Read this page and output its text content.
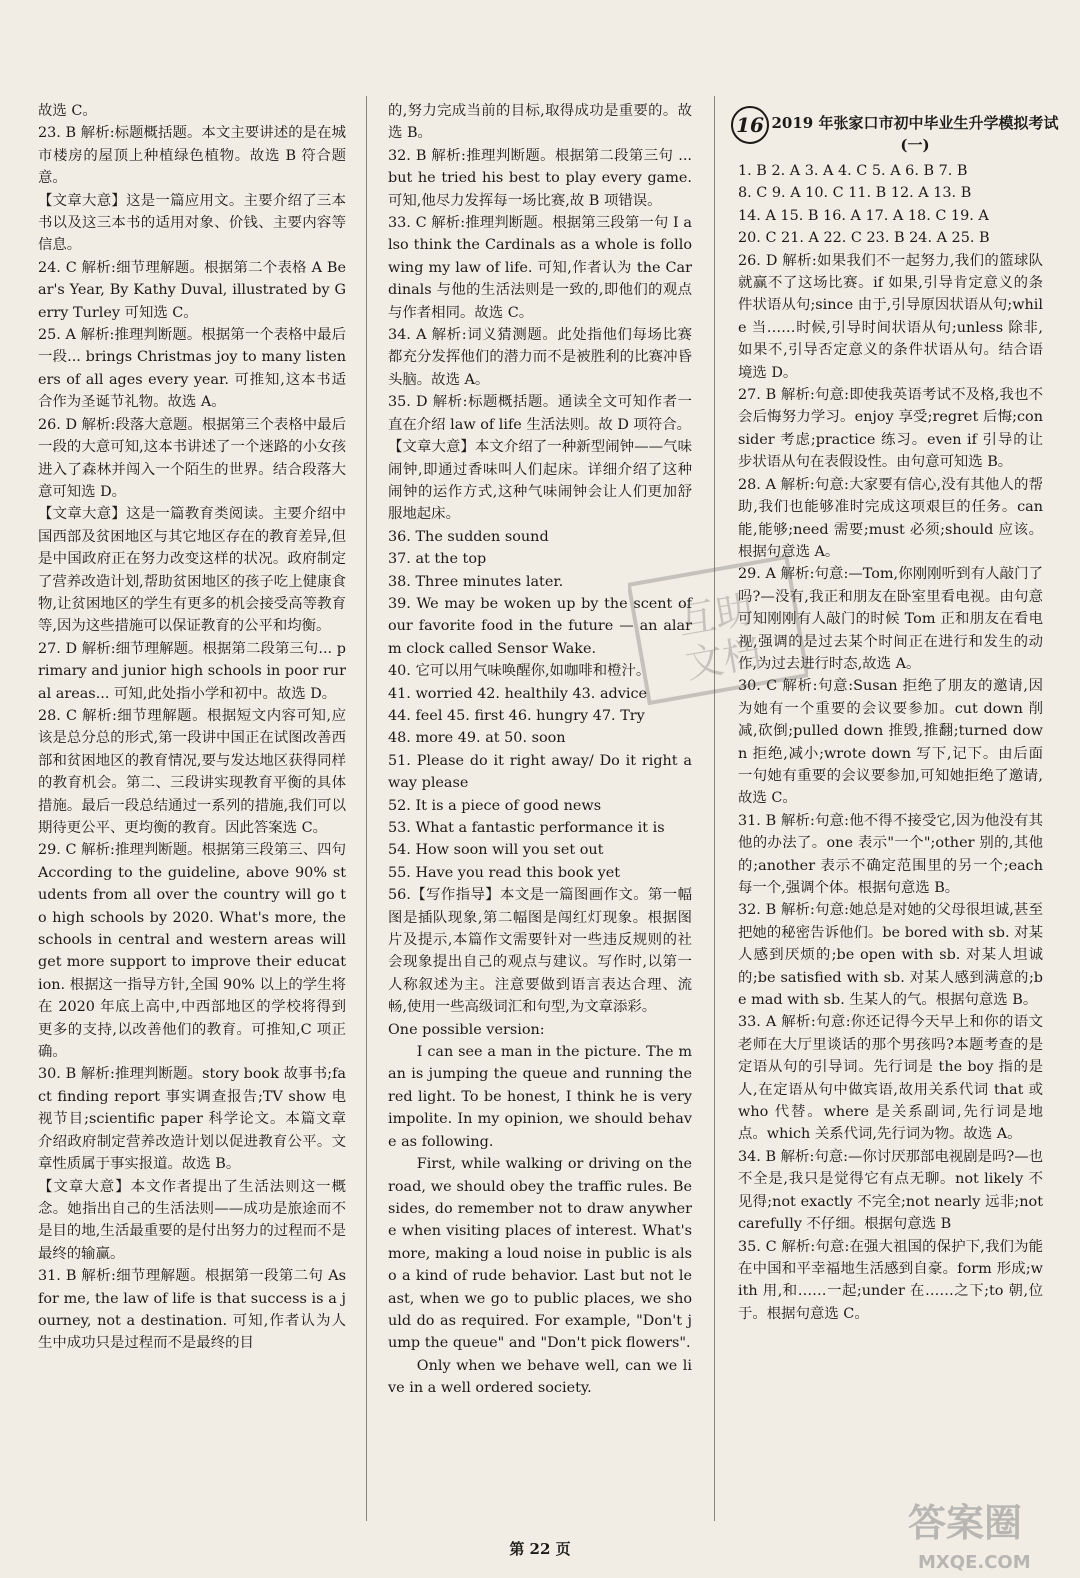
故选 C。

23. B 解析:标题概括题。本文主要讲述的是在城市楼房的屋顶上种植绿色植物。故选 B 符合题意。

【文章大意】这是一篇应用文。主要介绍了三本书以及这三本书的适用对象、价钱、主要内容等信息。

24. C 解析:细节理解题。根据第二个表格 A Bear's Year, By Kathy Duval, illustrated by Gerry Turley 可知选 C。

25. A 解析:推理判断题。根据第一个表格中最后一段... brings Christmas joy to many listeners of all ages every year. 可推知,这本书适合作为圣诞节礼物。故选 A。

26. D 解析:段落大意题。根据第三个表格中最后一段的大意可知,这本书讲述了一个迷路的小女孩进入了森林并闯入一个陌生的世界。结合段落大意可知选 D。

【文章大意】这是一篇教育类阅读。主要介绍中国西部及贫困地区与其它地区存在的教育差异,但是中国政府正在努力改变这样的状况。政府制定了营养改造计划,帮助贫困地区的孩子吃上健康食物,让贫困地区的学生有更多的机会接受高等教育等,因为这些措施可以保证教育的公平和均衡。

27. D 解析:细节理解题。根据第二段第三句... primary and junior high schools in poor rural areas... 可知,此处指小学和初中。故选 D。

28. C 解析:细节理解题。根据短文内容可知,应该是总分总的形式,第一段讲中国正在试图改善西部和贫困地区的教育情况,要与发达地区获得同样的教育机会。第二、三段讲实现教育平衡的具体措施。最后一段总结通过一系列的措施,我们可以期待更公平、更均衡的教育。因此答案选 C。

29. C 解析:推理判断题。根据第三段第三、四句 According to the guideline, above 90% students from all over the country will go to high schools by 2020. What's more, the schools in central and western areas will get more support to improve their education. 根据这一指导方针,全国 90% 以上的学生将在 2020 年底上高中,中西部地区的学校将得到更多的支持,以改善他们的教育。可推知,C 项正确。

30. B 解析:推理判断题。story book 故事书;fact finding report 事实调查报告;TV show 电视节目;scientific paper 科学论文。本篇文章介绍政府制定营养改造计划以促进教育公平。文章性质属于事实报道。故选 B。

【文章大意】本文作者提出了生活法则这一概念。她指出自己的生活法则——成功是旅途而不是目的地,生活最重要的是付出努力的过程而不是最终的输赢。

31. B 解析:细节理解题。根据第一段第二句 As for me, the law of life is that success is a journey, not a destination. 可知,作者认为人生中成功只是过程而不是最终的目

的,努力完成当前的目标,取得成功是重要的。故选 B。

32. B 解析:推理判断题。根据第二段第三句 ... but he tried his best to play every game. 可知,他尽力发挥每一场比赛,故 B 项错误。

33. C 解析:推理判断题。根据第三段第一句 I also think the Cardinals as a whole is following my law of life. 可知,作者认为 the Cardinals 与他的生活法则是一致的,即他们的观点与作者相同。故选 C。

34. A 解析:词义猜测题。此处指他们每场比赛都充分发挥他们的潜力而不是被胜利的比赛冲昏头脑。故选 A。

35. D 解析:标题概括题。通读全文可知作者一直在介绍 law of life 生活法则。故 D 项符合。

【文章大意】本文介绍了一种新型闹钟——气味闹钟,即通过香味叫人们起床。详细介绍了这种闹钟的运作方式,这种气味闹钟会让人们更加舒服地起床。

36. The sudden sound

37. at the top

38. Three minutes later.

39. We may be woken up by the scent of our favorite food in the future — an alarm clock called Sensor Wake.

40. 它可以用气味唤醒你,如咖啡和橙汁。

41. worried 42. healthily 43. advice

44. feel 45. first 46. hungry 47. Try

48. more 49. at 50. soon

51. Please do it right away/ Do it right away please

52. It is a piece of good news

53. What a fantastic performance it is

54. How soon will you set out

55. Have you read this book yet

56.【写作指导】本文是一篇图画作文。第一幅图是插队现象,第二幅图是闯红灯现象。根据图片及提示,本篇作文需要针对一些违反规则的社会现象提出自己的观点与建议。写作时,以第一人称叙述为主。注意要做到语言表达合理、流畅,使用一些高级词汇和句型,为文章添彩。

One possible version:

I can see a man in the picture. The man is jumping the queue and running the red light. To be honest, I think he is very impolite. In my opinion, we should behave as following.

First, while walking or driving on the road, we should obey the traffic rules. Besides, do remember not to draw anywhere when visiting places of interest. What's more, making a loud noise in public is also a kind of rude behavior. Last but not least, when we go to public places, we should do as required. For example, "Don't jump the queue" and "Don't pick flowers".

Only when we behave well, can we live in a well ordered society.

16 2019 年张家口市初中毕业生升学模拟考试(一)

1. B 2. A 3. A 4. C 5. A 6. B 7. B

8. C 9. A 10. C 11. B 12. A 13. B

14. A 15. B 16. A 17. A 18. C 19. A

20. C 21. A 22. C 23. B 24. A 25. B

26. D 解析:如果我们不一起努力,我们的篮球队就赢不了这场比赛。if 如果,引导肯定意义的条件状语从句;since 由于,引导原因状语从句;while 当……时候,引导时间状语从句;unless 除非,如果不,引导否定意义的条件状语从句。结合语境选 D。

27. B 解析:句意:即使我英语考试不及格,我也不会后悔努力学习。enjoy 享受;regret 后悔;consider 考虑;practice 练习。even if 引导的让步状语从句在表假设性。由句意可知选 B。

28. A 解析:句意:大家要有信心,没有其他人的帮助,我们也能够准时完成这项艰巨的任务。can 能,能够;need 需要;must 必须;should 应该。根据句意选 A。

29. A 解析:句意:—Tom,你刚刚听到有人敲门了吗?—没有,我正和朋友在卧室里看电视。由句意可知刚刚有人敲门的时候 Tom 正和朋友在看电视,强调的是过去某个时间正在进行和发生的动作,为过去进行时态,故选 A。

30. C 解析:句意:Susan 拒绝了朋友的邀请,因为她有一个重要的会议要参加。cut down 削减,砍倒;pulled down 推毁,推翻;turned down 拒绝,减小;wrote down 写下,记下。由后面一句她有重要的会议要参加,可知她拒绝了邀请,故选 C。

31. B 解析:句意:他不得不接受它,因为他没有其他的办法了。one 表示"一个";other 别的,其他的;another 表示不确定范围里的另一个;each 每一个,强调个体。根据句意选 B。

32. B 解析:句意:她总是对她的父母很坦诚,甚至把她的秘密告诉他们。be bored with sb. 对某人感到厌烦的;be open with sb. 对某人坦诚的;be satisfied with sb. 对某人感到满意的;be mad with sb. 生某人的气。根据句意选 B。

33. A 解析:句意:你还记得今天早上和你的语文老师在大厅里谈话的那个男孩吗?本题考查的是定语从句的引导词。先行词是 the boy 指的是人,在定语从句中做宾语,故用关系代词 that 或 who 代替。where 是关系副词,先行词是地点。which 关系代词,先行词为物。故选 A。

34. B 解析:句意:—你讨厌那部电视剧是吗?—也不全是,我只是觉得它有点无聊。not likely 不见得;not exactly 不完全;not nearly 远非;not carefully 不仔细。根据句意选 B

35. C 解析:句意:在强大祖国的保护下,我们为能在中国和平幸福地生活感到自豪。form 形成;with 用,和……一起;under 在……之下;to 朝,位于。根据句意选 C。

互助
文档
答案圈
MXQE.COM
第 22 页
